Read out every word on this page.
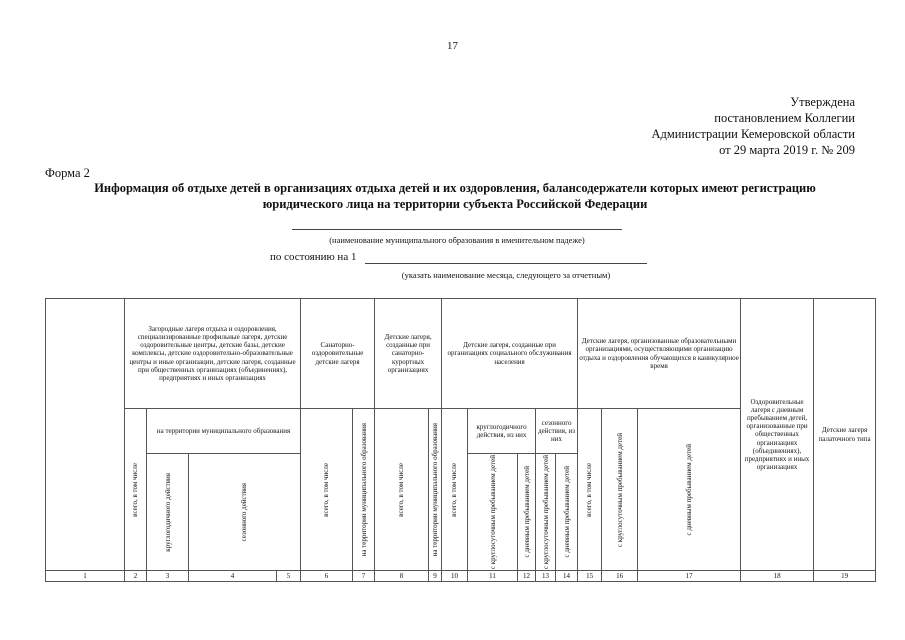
17
Утверждена
постановлением Коллегии
Администрации Кемеровской области
от 29 марта 2019 г. № 209
Форма 2
Информация об отдыхе детей в организациях отдыха детей и их оздоровления, балансодержатели которых имеют регистрацию юридического лица на территории субъекта Российской Федерации
(наименование муниципального образования в именительном падеже)
по состоянию на 1
(указать наименование месяца, следующего за отчетным)
	Загородные лагеря отдыха и оздоровления, специализированные профильные лагеря, детские оздоровительные центры, детские базы, детские комплексы, детские оздоровительно-образовательные центры и иные организации, детские лагеря, созданные при общественных организациях (объединениях), предприятиях и иных организациях				Санаторно-оздоровительные детские лагеря		Детские лагеря, созданные при санаторно-курортных организациях		Детские лагеря, созданные при организациях социального обслуживания населения					Детские лагеря, организованные образовательными организациями, осуществляющими организацию отдыха и оздоровления обучающихся в каникулярное время			Оздоровительные лагеря с дневным пребыванием детей, организованные при общественных организациях (объединениях), предприятиях и иных организациях	Детские лагеря палаточного типа	

	всего, в том числе	на территории муниципального образования			всего, в том числе	на территории муниципального образования	всего, в том числе	на территории муниципального образования	всего, в том числе	круглогодичного действия, из них		сезонного действия, из них		всего, в том числе	с круглосуточным пребыванием детей	с дневным пребыванием детей			

		круглогодичного действия	сезонного действия							с круглосуточным пребыванием детей	с дневным пребыванием детей	с круглосуточным пребыванием детей	с дневным пребыванием детей						

1	2	3	4	5	6	7	8	9	10	11	12	13	14	15	16	17	18	19	
